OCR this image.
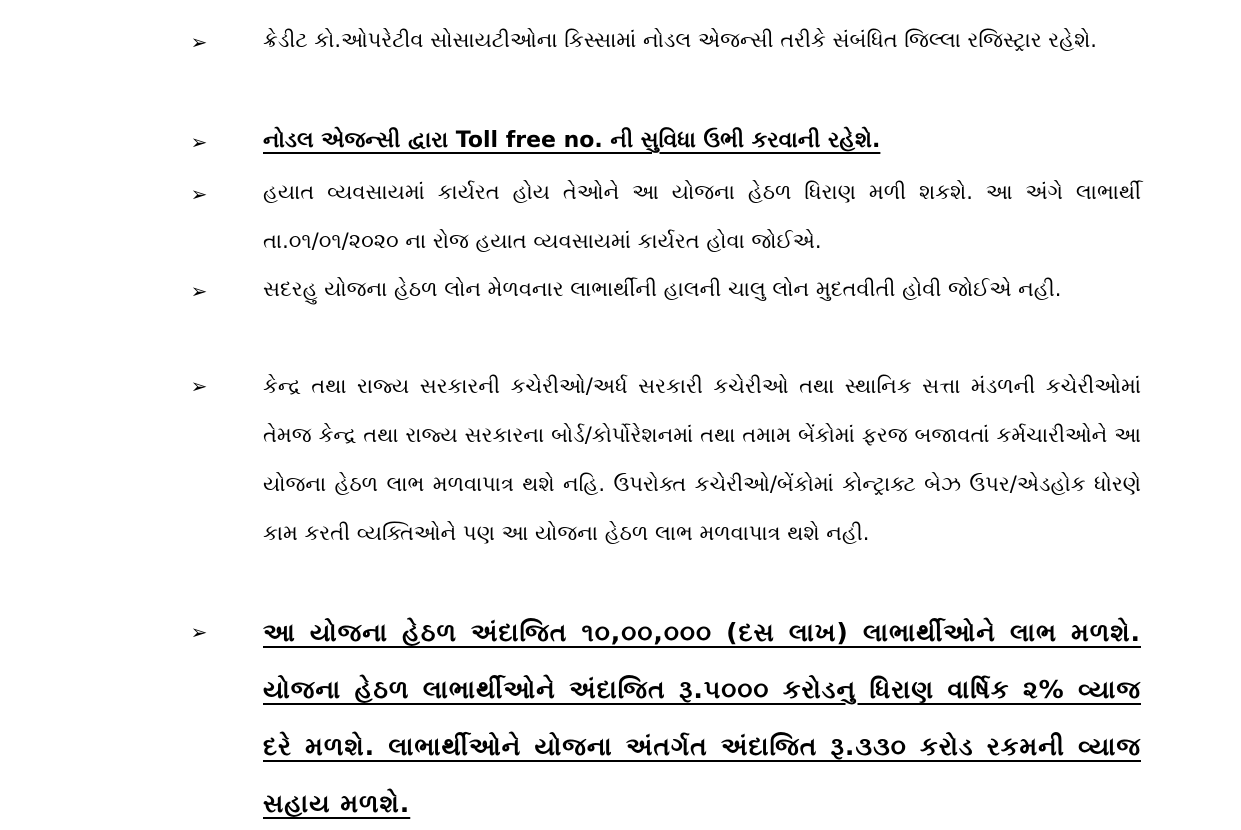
➢	ક્રેડીટ કો.ઓપરેટીવ સોસાયટીઓના કિસ્સામાં નોડલ એજન્સી તરીકે સંબંધિત જિલ્લા રજિસ્ટ્રાર રહેશે.
➢	નોડલ એજન્સી દ્વારા Toll free no. ની સુવિધા ઉભી કરવાની રહેશે.
➢	હયાત વ્યવસાયમાં કાર્યરત હોય તેઓને આ યોજના હેઠળ ધિરાણ મળી શકશે. આ અંગે લાભાર્થી તા.૦૧/૦૧/૨૦૨૦ ના રોજ હયાત વ્યવસાયમાં કાર્યરત હોવા જોઈએ.
➢	સદરહુ યોજના હેઠળ લોન મેળવનાર લાભાર્થીની હાલની ચાલુ લોન મુદતવીતી હોવી જોઈએ નહી.
➢	કેન્દ્ર તથા રાજ્ય સરકારની કચેરીઓ/અર્ધ સરકારી કચેરીઓ તથા સ્થાનિક સત્તા મંડળની કચેરીઓમાં તેમજ કેન્દ્ર તથા રાજ્ય સરકારના બોર્ડ/કોર્પોરેશનમાં તથા તમામ બેંકોમાં ફરજ બજાવતાં કર્મચારીઓને આ યોજના હેઠળ લાભ મળવાપાત્ર થશે નહિ. ઉપરોક્ત કચેરીઓ/બેંકોમાં કોન્ટ્રાક્ટ બેઝ ઉપર/એડહોક ધોરણે કામ કરતી વ્યક્તિઓને પણ આ યોજના હેઠળ લાભ મળવાપાત્ર થશે નહી.
➢ આ યોજના હેઠળ અંદાજિત ૧૦,૦૦,૦૦૦ (દસ લાખ) લાભાર્થીઓને લાભ મળશે. યોજના હેઠળ લાભાર્થીઓને અંદાજિત રૂ.૫૦૦૦ કરોડનુ ધિરાણ વાર્ષિક ૨% વ્યાજ દરે મળશે. લાભાર્થીઓને યોજના અંતર્ગત અંદાજિત રૂ.૩૩૦ કરોડ રકમની વ્યાજ સહાય મળશે.
